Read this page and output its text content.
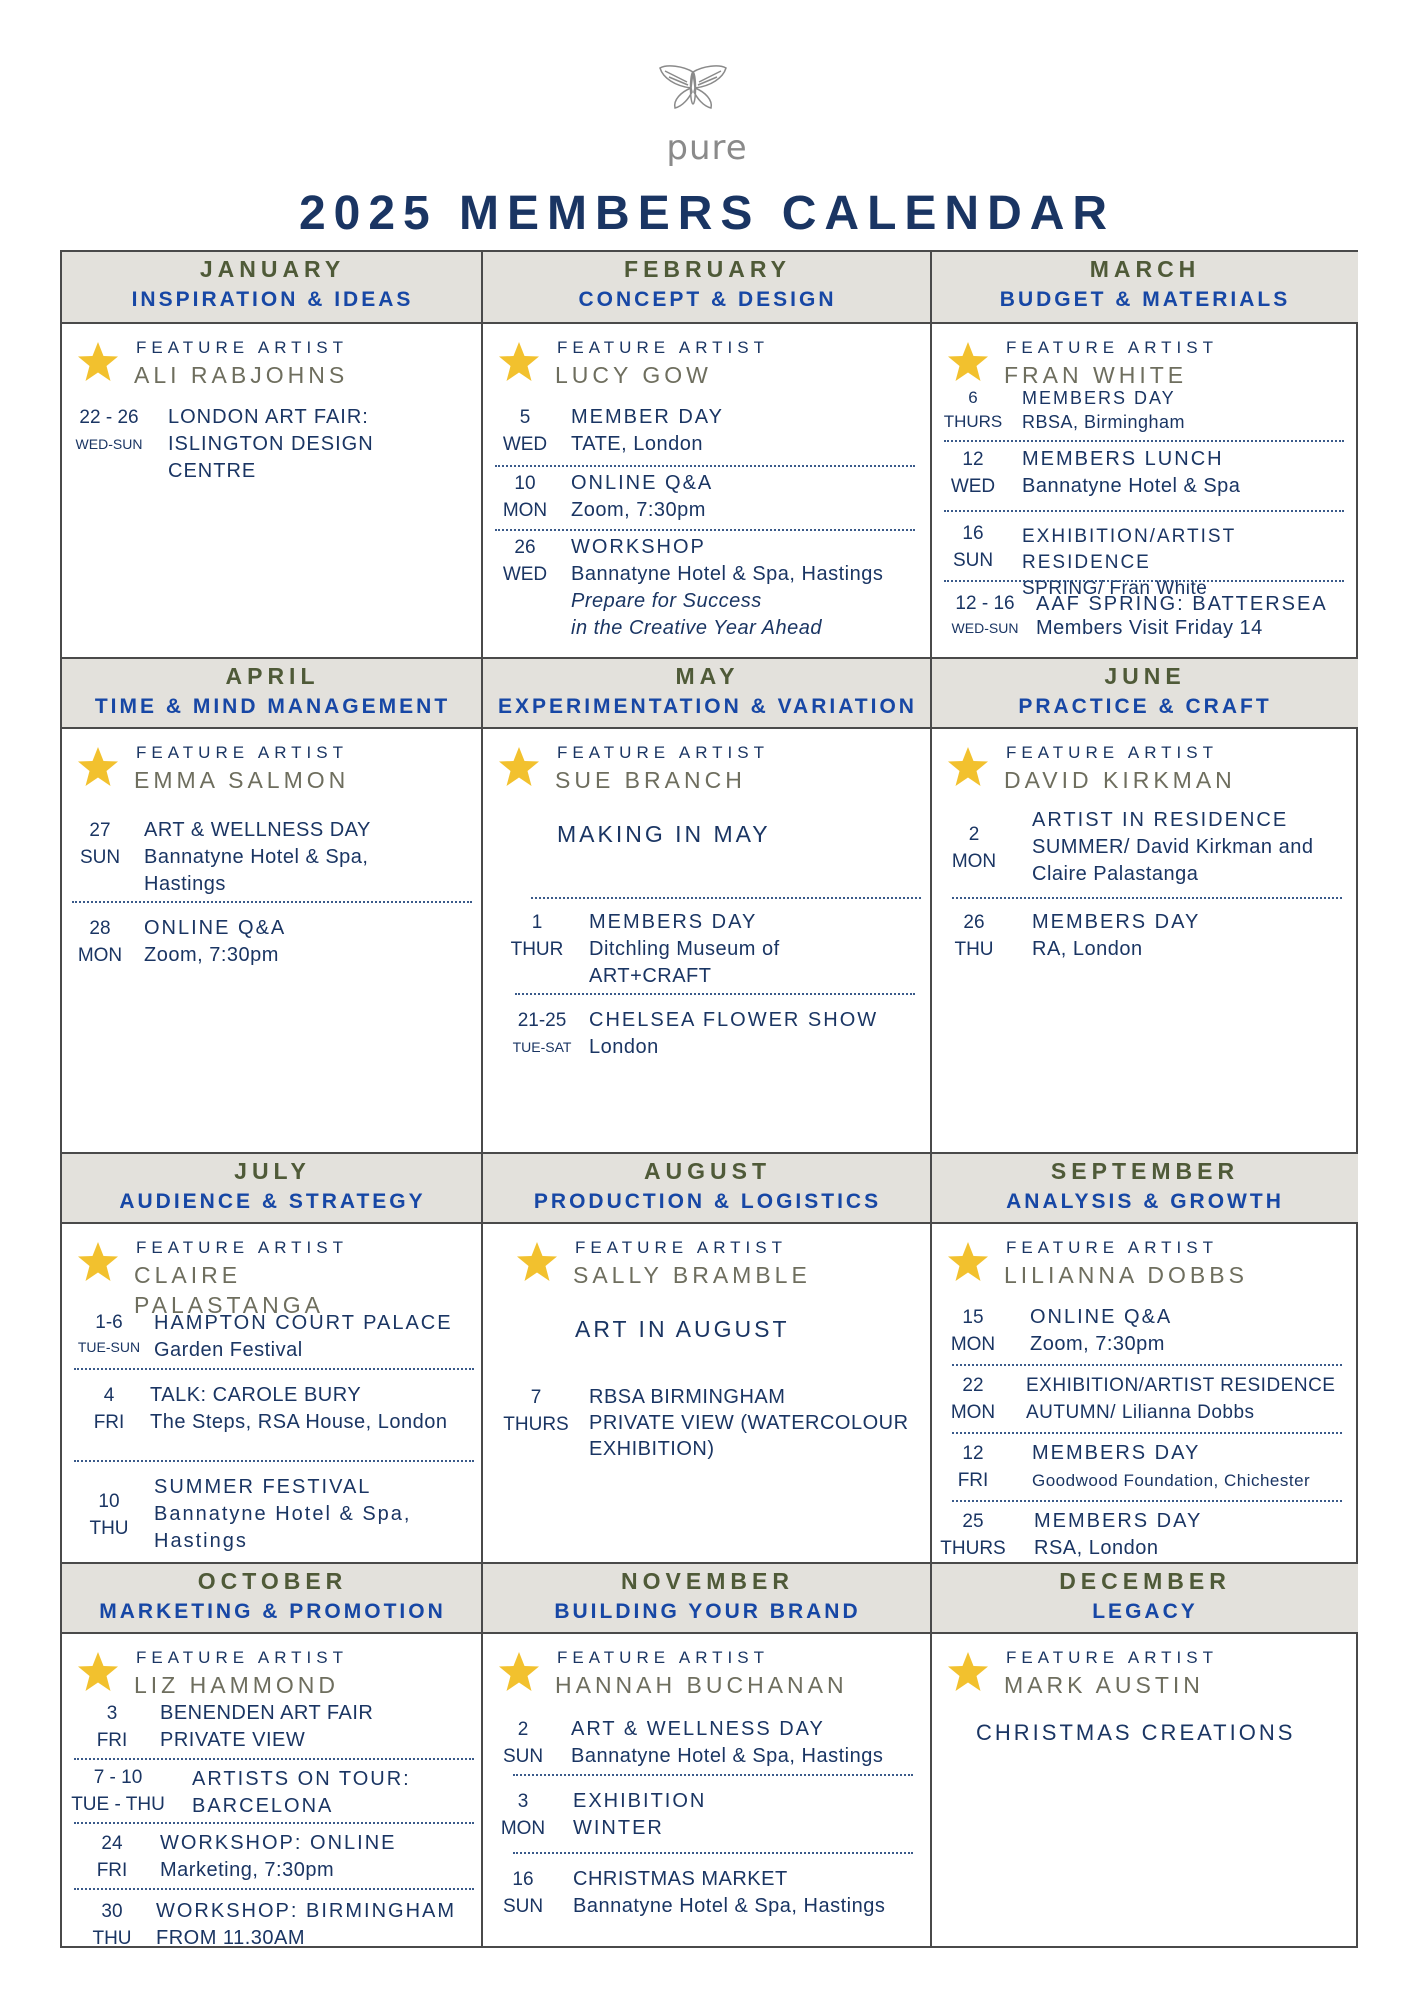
pure
2025 MEMBERS CALENDAR
JANUARY
INSPIRATION & IDEAS
FEATURE ARTIST
ALI RABJOHNS
22 - 26
WED-SUN
LONDON ART FAIR:
ISLINGTON DESIGN
CENTRE
FEBRUARY
CONCEPT & DESIGN
FEATURE ARTIST
LUCY GOW
5
WED
MEMBER DAY
TATE, London
10
MON
ONLINE Q&A
Zoom, 7:30pm
26
WED
WORKSHOP
Bannatyne Hotel & Spa, Hastings
Prepare for Success
in the Creative Year Ahead
MARCH
BUDGET & MATERIALS
FEATURE ARTIST
FRAN WHITE
6
THURS
MEMBERS DAY
RBSA, Birmingham
12
WED
MEMBERS LUNCH
Bannatyne Hotel & Spa
16
SUN
EXHIBITION/ARTIST RESIDENCE
SPRING/ Fran White
12 - 16
WED-SUN
AAF SPRING: BATTERSEA
Members Visit Friday 14
APRIL
TIME & MIND MANAGEMENT
FEATURE ARTIST
EMMA SALMON
27
SUN
ART & WELLNESS DAY
Bannatyne Hotel & Spa,
Hastings
28
MON
ONLINE Q&A
Zoom, 7:30pm
MAY
EXPERIMENTATION & VARIATION
FEATURE ARTIST
SUE BRANCH
MAKING IN MAY
1
THUR
MEMBERS DAY
Ditchling Museum of
ART+CRAFT
21-25
TUE-SAT
CHELSEA FLOWER SHOW
London
JUNE
PRACTICE & CRAFT
FEATURE ARTIST
DAVID KIRKMAN
2
MON
ARTIST IN RESIDENCE
SUMMER/ David Kirkman and
Claire Palastanga
26
THU
MEMBERS DAY
RA, London
JULY
AUDIENCE & STRATEGY
FEATURE ARTIST
CLAIRE PALASTANGA
1-6
TUE-SUN
HAMPTON COURT PALACE
Garden Festival
4
FRI
TALK: CAROLE BURY
The Steps, RSA House, London
10
THU
SUMMER FESTIVAL
Bannatyne Hotel & Spa,
Hastings
AUGUST
PRODUCTION & LOGISTICS
FEATURE ARTIST
SALLY BRAMBLE
ART IN AUGUST
7
THURS
RBSA BIRMINGHAM
PRIVATE VIEW (WATERCOLOUR
EXHIBITION)
SEPTEMBER
ANALYSIS & GROWTH
FEATURE ARTIST
LILIANNA DOBBS
15
MON
ONLINE Q&A
Zoom, 7:30pm
22
MON
EXHIBITION/ARTIST RESIDENCE
AUTUMN/ Lilianna Dobbs
12
FRI
MEMBERS DAY
Goodwood Foundation, Chichester
25
THURS
MEMBERS DAY
RSA, London
OCTOBER
MARKETING & PROMOTION
FEATURE ARTIST
LIZ HAMMOND
3
FRI
BENENDEN ART FAIR
PRIVATE VIEW
7 - 10
TUE - THU
ARTISTS ON TOUR:
BARCELONA
24
FRI
WORKSHOP: ONLINE
Marketing, 7:30pm
30
THU
WORKSHOP: BIRMINGHAM
FROM 11.30AM
NOVEMBER
BUILDING YOUR BRAND
FEATURE ARTIST
HANNAH BUCHANAN
2
SUN
ART & WELLNESS DAY
Bannatyne Hotel & Spa, Hastings
3
MON
EXHIBITION
WINTER
16
SUN
CHRISTMAS MARKET
Bannatyne Hotel & Spa, Hastings
DECEMBER
LEGACY
FEATURE ARTIST
MARK AUSTIN
CHRISTMAS CREATIONS
